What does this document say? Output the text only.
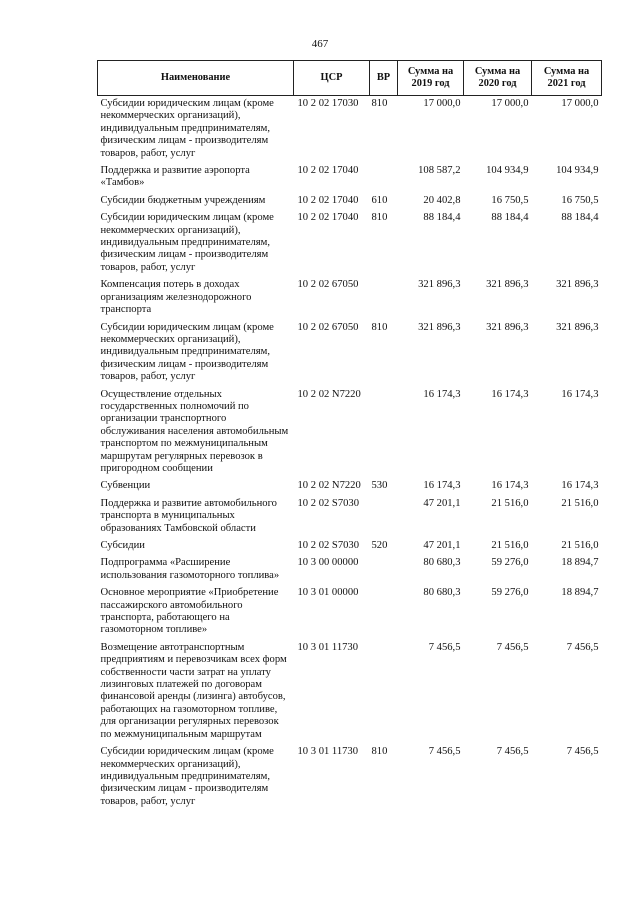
467
Наименование	ЦСР	ВР	Сумма на 2019 год	Сумма на 2020 год	Сумма на 2021 год
Субсидии юридическим лицам (кроме некоммерческих организаций), индивидуальным предпринимателям, физическим лицам - производителям товаров, работ, услуг	10 2 02 17030	810	17 000,0	17 000,0	17 000,0
Поддержка и развитие аэропорта «Тамбов»	10 2 02 17040		108 587,2	104 934,9	104 934,9
Субсидии бюджетным учреждениям	10 2 02 17040	610	20 402,8	16 750,5	16 750,5
Субсидии юридическим лицам (кроме некоммерческих организаций), индивидуальным предпринимателям, физическим лицам - производителям товаров, работ, услуг	10 2 02 17040	810	88 184,4	88 184,4	88 184,4
Компенсация потерь в доходах организациям железнодорожного транспорта	10 2 02 67050		321 896,3	321 896,3	321 896,3
Субсидии юридическим лицам (кроме некоммерческих организаций), индивидуальным предпринимателям, физическим лицам - производителям товаров, работ, услуг	10 2 02 67050	810	321 896,3	321 896,3	321 896,3
Осуществление отдельных государственных полномочий по организации транспортного обслуживания населения автомобильным транспортом по межмуниципальным маршрутам регулярных перевозок в пригородном сообщении	10 2 02 N7220		16 174,3	16 174,3	16 174,3
Субвенции	10 2 02 N7220	530	16 174,3	16 174,3	16 174,3
Поддержка и развитие автомобильного транспорта в муниципальных образованиях Тамбовской области	10 2 02 S7030		47 201,1	21 516,0	21 516,0
Субсидии	10 2 02 S7030	520	47 201,1	21 516,0	21 516,0
Подпрограмма «Расширение использования газомоторного топлива»	10 3 00 00000		80 680,3	59 276,0	18 894,7
Основное мероприятие «Приобретение пассажирского автомобильного транспорта, работающего на газомоторном топливе»	10 3 01 00000		80 680,3	59 276,0	18 894,7
Возмещение автотранспортным предприятиям и перевозчикам всех форм собственности части затрат на уплату лизинговых платежей по договорам финансовой аренды (лизинга) автобусов, работающих на газомоторном топливе, для организации регулярных перевозок по межмуниципальным маршрутам	10 3 01 11730		7 456,5	7 456,5	7 456,5
Субсидии юридическим лицам (кроме некоммерческих организаций), индивидуальным предпринимателям, физическим лицам - производителям товаров, работ, услуг	10 3 01 11730	810	7 456,5	7 456,5	7 456,5
